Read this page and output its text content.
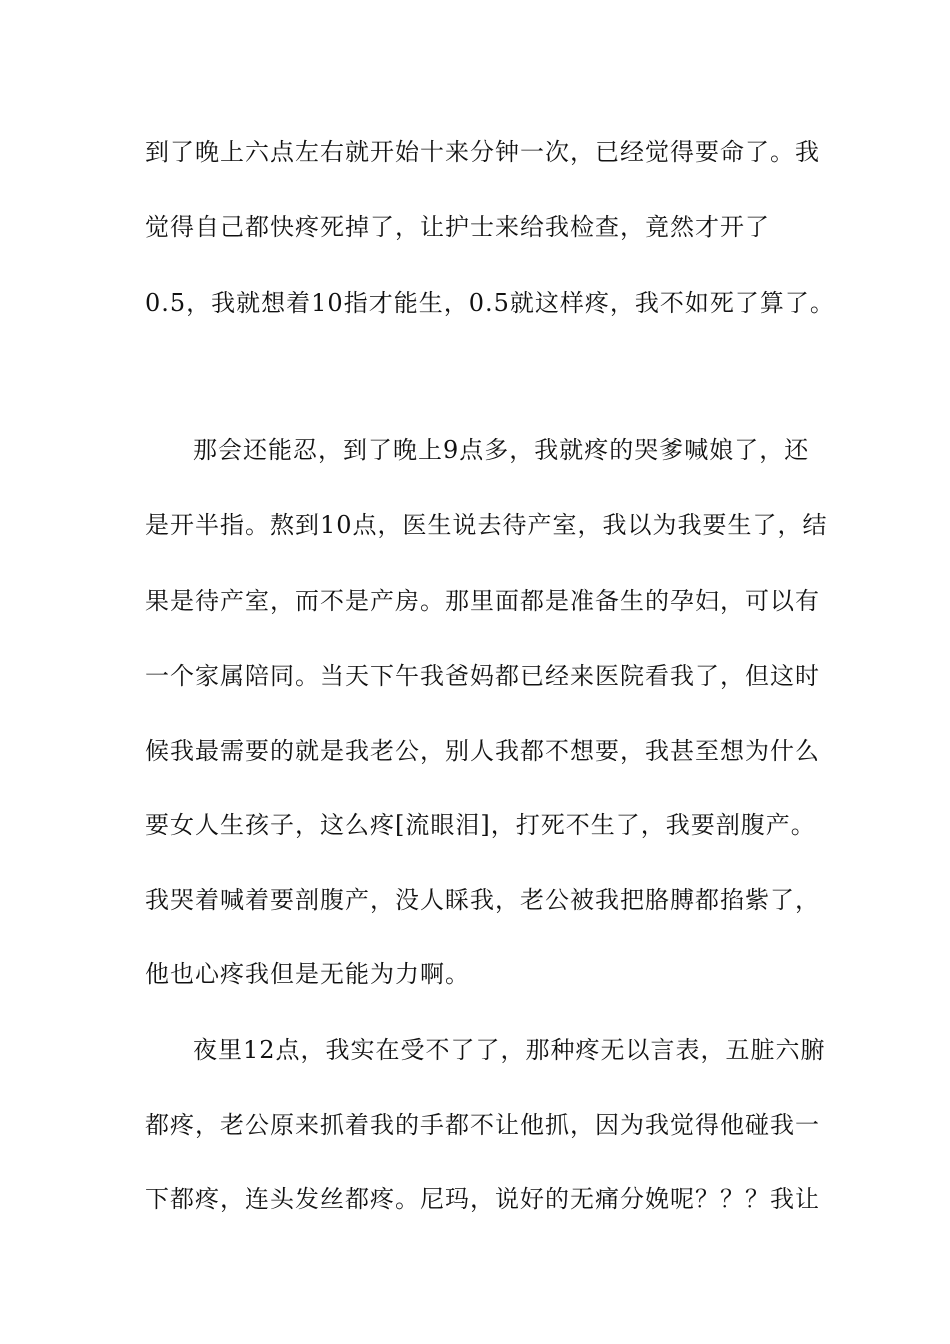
到了晚上六点左右就开始十来分钟一次，已经觉得要命了。我
觉得自己都快疼死掉了，让护士来给我检查，竟然才开了
0.5，我就想着10指才能生，0.5就这样疼，我不如死了算了。
那会还能忍，到了晚上9点多，我就疼的哭爹喊娘了，还
是开半指。熬到10点，医生说去待产室，我以为我要生了，结
果是待产室，而不是产房。那里面都是准备生的孕妇，可以有
一个家属陪同。当天下午我爸妈都已经来医院看我了，但这时
候我最需要的就是我老公，别人我都不想要，我甚至想为什么
要女人生孩子，这么疼[流眼泪]，打死不生了，我要剖腹产。
我哭着喊着要剖腹产，没人睬我，老公被我把胳膊都掐紫了，
他也心疼我但是无能为力啊。
夜里12点，我实在受不了了，那种疼无以言表，五脏六腑
都疼，老公原来抓着我的手都不让他抓，因为我觉得他碰我一
下都疼，连头发丝都疼。尼玛，说好的无痛分娩呢？？？我让
